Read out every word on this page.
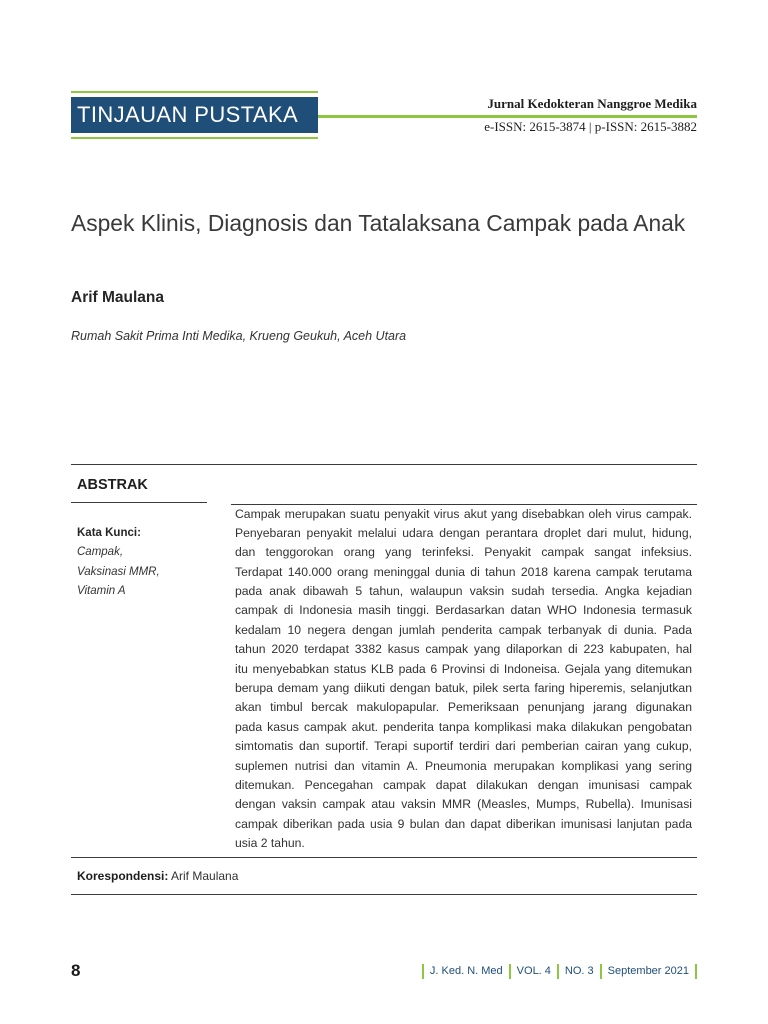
TINJAUAN PUSTAKA	Jurnal Kedokteran Nanggroe Medika
e-ISSN: 2615-3874 | p-ISSN: 2615-3882
Aspek Klinis, Diagnosis dan Tatalaksana Campak pada Anak
Arif Maulana
Rumah Sakit Prima Inti Medika, Krueng Geukuh, Aceh Utara
ABSTRAK
Kata Kunci:
Campak,
Vaksinasi MMR,
Vitamin A
Campak merupakan suatu penyakit virus akut yang disebabkan oleh virus campak.
Penyebaran penyakit melalui udara dengan perantara droplet dari mulut, hidung,
dan tenggorokan orang yang terinfeksi. Penyakit campak sangat infeksius.
Terdapat 140.000 orang meninggal dunia di tahun 2018 karena campak terutama
pada anak dibawah 5 tahun, walaupun vaksin sudah tersedia. Angka kejadian
campak di Indonesia masih tinggi. Berdasarkan datan WHO Indonesia termasuk
kedalam 10 negera dengan jumlah penderita campak terbanyak di dunia. Pada
tahun 2020 terdapat 3382 kasus campak yang dilaporkan di 223 kabupaten, hal
itu menyebabkan status KLB pada 6 Provinsi di Indoneisa. Gejala yang ditemukan
berupa demam yang diikuti dengan batuk, pilek serta faring hiperemis, selanjutkan
akan timbul bercak makulopapular. Pemeriksaan penunjang jarang digunakan
pada kasus campak akut. penderita tanpa komplikasi maka dilakukan pengobatan
simtomatis dan suportif. Terapi suportif terdiri dari pemberian cairan yang cukup,
suplemen nutrisi dan vitamin A. Pneumonia merupakan komplikasi yang sering
ditemukan. Pencegahan campak dapat dilakukan dengan imunisasi campak
dengan vaksin campak atau vaksin MMR (Measles, Mumps, Rubella). Imunisasi
campak diberikan pada usia 9 bulan dan dapat diberikan imunisasi lanjutan pada
usia 2 tahun.
Korespondensi: Arif Maulana
8	J. Ked. N. Med VOL. 4 NO. 3 September 2021
